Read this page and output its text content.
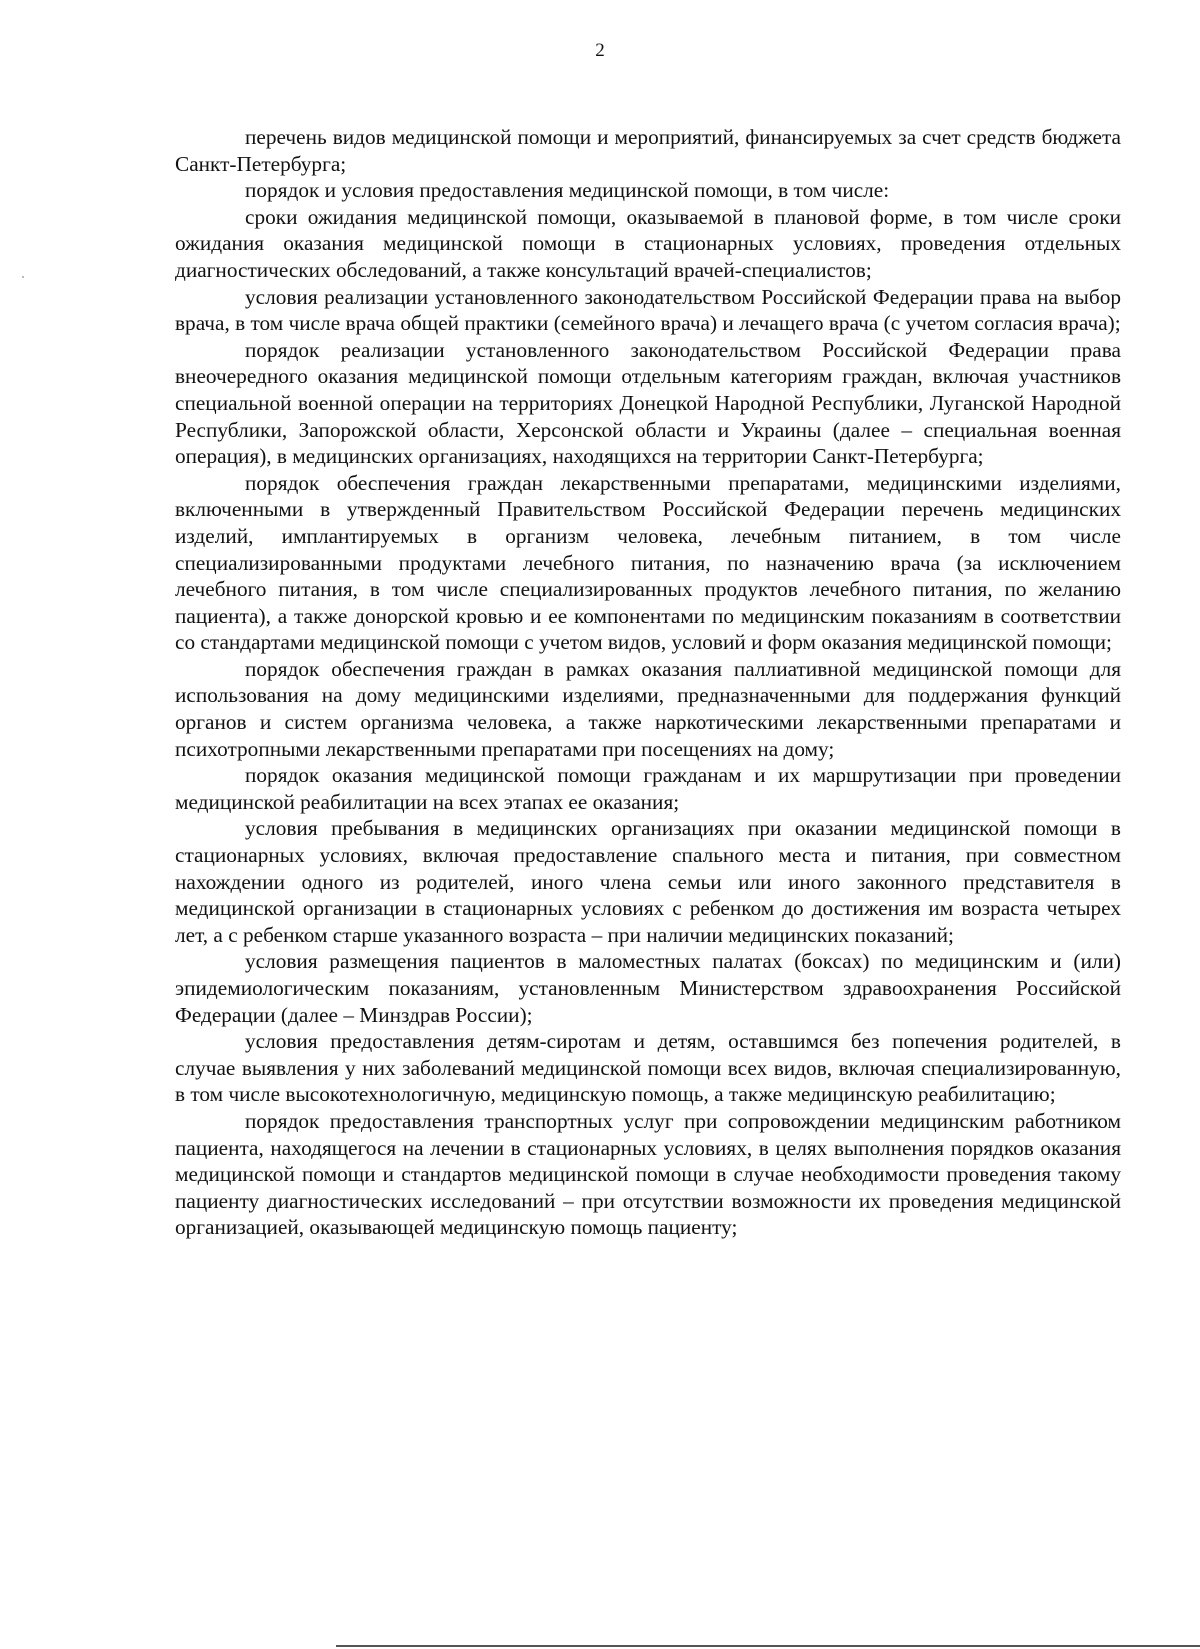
2

перечень видов медицинской помощи и мероприятий, финансируемых за счет средств бюджета Санкт-Петербурга;

порядок и условия предоставления медицинской помощи, в том числе:

сроки ожидания медицинской помощи, оказываемой в плановой форме, в том числе сроки ожидания оказания медицинской помощи в стационарных условиях, проведения отдельных диагностических обследований, а также консультаций врачей-специалистов;

условия реализации установленного законодательством Российской Федерации права на выбор врача, в том числе врача общей практики (семейного врача) и лечащего врача (с учетом согласия врача);

порядок реализации установленного законодательством Российской Федерации права внеочередного оказания медицинской помощи отдельным категориям граждан, включая участников специальной военной операции на территориях Донецкой Народной Республики, Луганской Народной Республики, Запорожской области, Херсонской области и Украины (далее – специальная военная операция), в медицинских организациях, находящихся на территории Санкт-Петербурга;

порядок обеспечения граждан лекарственными препаратами, медицинскими изделиями, включенными в утвержденный Правительством Российской Федерации перечень медицинских изделий, имплантируемых в организм человека, лечебным питанием, в том числе специализированными продуктами лечебного питания, по назначению врача (за исключением лечебного питания, в том числе специализированных продуктов лечебного питания, по желанию пациента), а также донорской кровью и ее компонентами по медицинским показаниям в соответствии со стандартами медицинской помощи с учетом видов, условий и форм оказания медицинской помощи;

порядок обеспечения граждан в рамках оказания паллиативной медицинской помощи для использования на дому медицинскими изделиями, предназначенными для поддержания функций органов и систем организма человека, а также наркотическими лекарственными препаратами и психотропными лекарственными препаратами при посещениях на дому;

порядок оказания медицинской помощи гражданам и их маршрутизации при проведении медицинской реабилитации на всех этапах ее оказания;

условия пребывания в медицинских организациях при оказании медицинской помощи в стационарных условиях, включая предоставление спального места и питания, при совместном нахождении одного из родителей, иного члена семьи или иного законного представителя в медицинской организации в стационарных условиях с ребенком до достижения им возраста четырех лет, а с ребенком старше указанного возраста – при наличии медицинских показаний;

условия размещения пациентов в маломестных палатах (боксах) по медицинским и (или) эпидемиологическим показаниям, установленным Министерством здравоохранения Российской Федерации (далее – Минздрав России);

условия предоставления детям-сиротам и детям, оставшимся без попечения родителей, в случае выявления у них заболеваний медицинской помощи всех видов, включая специализированную, в том числе высокотехнологичную, медицинскую помощь, а также медицинскую реабилитацию;

порядок предоставления транспортных услуг при сопровождении медицинским работником пациента, находящегося на лечении в стационарных условиях, в целях выполнения порядков оказания медицинской помощи и стандартов медицинской помощи в случае необходимости проведения такому пациенту диагностических исследований – при отсутствии возможности их проведения медицинской организацией, оказывающей медицинскую помощь пациенту;
